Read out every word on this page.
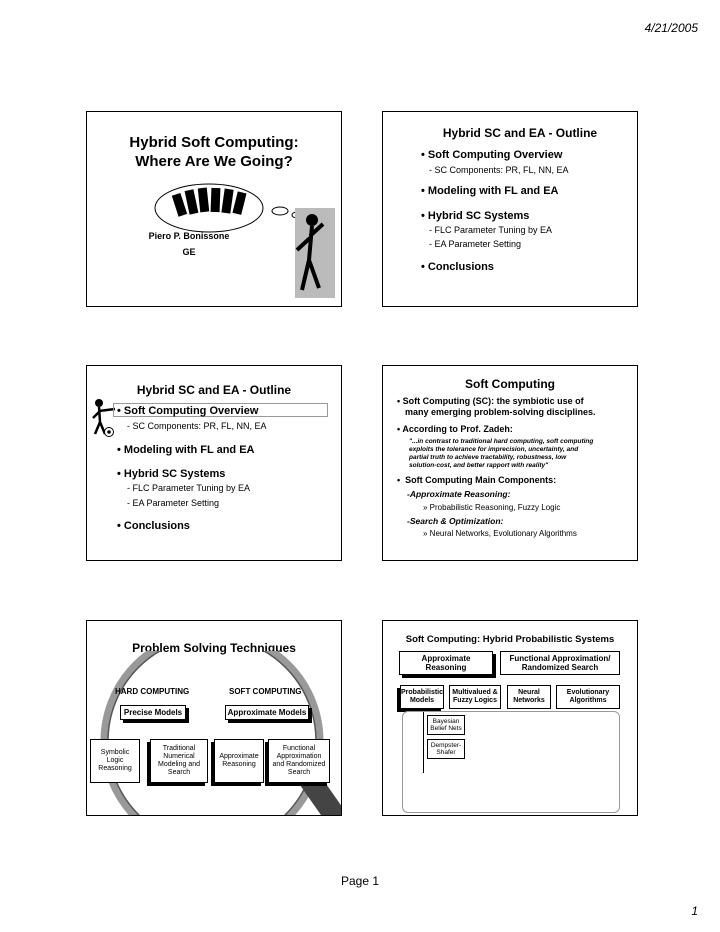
4/21/2005
Page 1
1
Hybrid Soft Computing:
Where Are We Going?
Piero P. Bonissone
GE
Hybrid SC and EA - Outline
• Soft Computing Overview
- SC Components: PR, FL, NN, EA
• Modeling with FL and EA
• Hybrid SC Systems
- FLC Parameter Tuning by EA
- EA Parameter Setting
• Conclusions
Hybrid SC and EA - Outline
• Soft Computing Overview
- SC Components: PR, FL, NN, EA
• Modeling with FL and EA
• Hybrid SC Systems
- FLC Parameter Tuning by EA
- EA Parameter Setting
• Conclusions
Soft Computing
• Soft Computing (SC): the symbiotic use of
many emerging problem-solving disciplines.
• According to Prof. Zadeh:
"...in contrast to traditional hard computing, soft computing
exploits the tolerance for imprecision, uncertainty, and
partial truth to achieve tractability, robustness, low
solution-cost, and better rapport with reality"
•  Soft Computing Main Components:
-Approximate Reasoning:
» Probabilistic Reasoning, Fuzzy Logic
-Search & Optimization:
» Neural Networks, Evolutionary Algorithms
Problem Solving Techniques
HARD COMPUTING	SOFT COMPUTING
Precise Models	Approximate Models
Symbolic
Logic
Reasoning
Traditional
Numerical
Modeling and
Search
Approximate
Reasoning
Functional
Approximation
and Randomized
Search
Soft Computing: Hybrid Probabilistic Systems
Approximate
Reasoning
Functional Approximation/
Randomized Search
Probabilistic
Models
Multivalued &
Fuzzy Logics
Neural
Networks
Evolutionary
Algorithms
Bayesian
Belief Nets
Dempster-
Shafer
